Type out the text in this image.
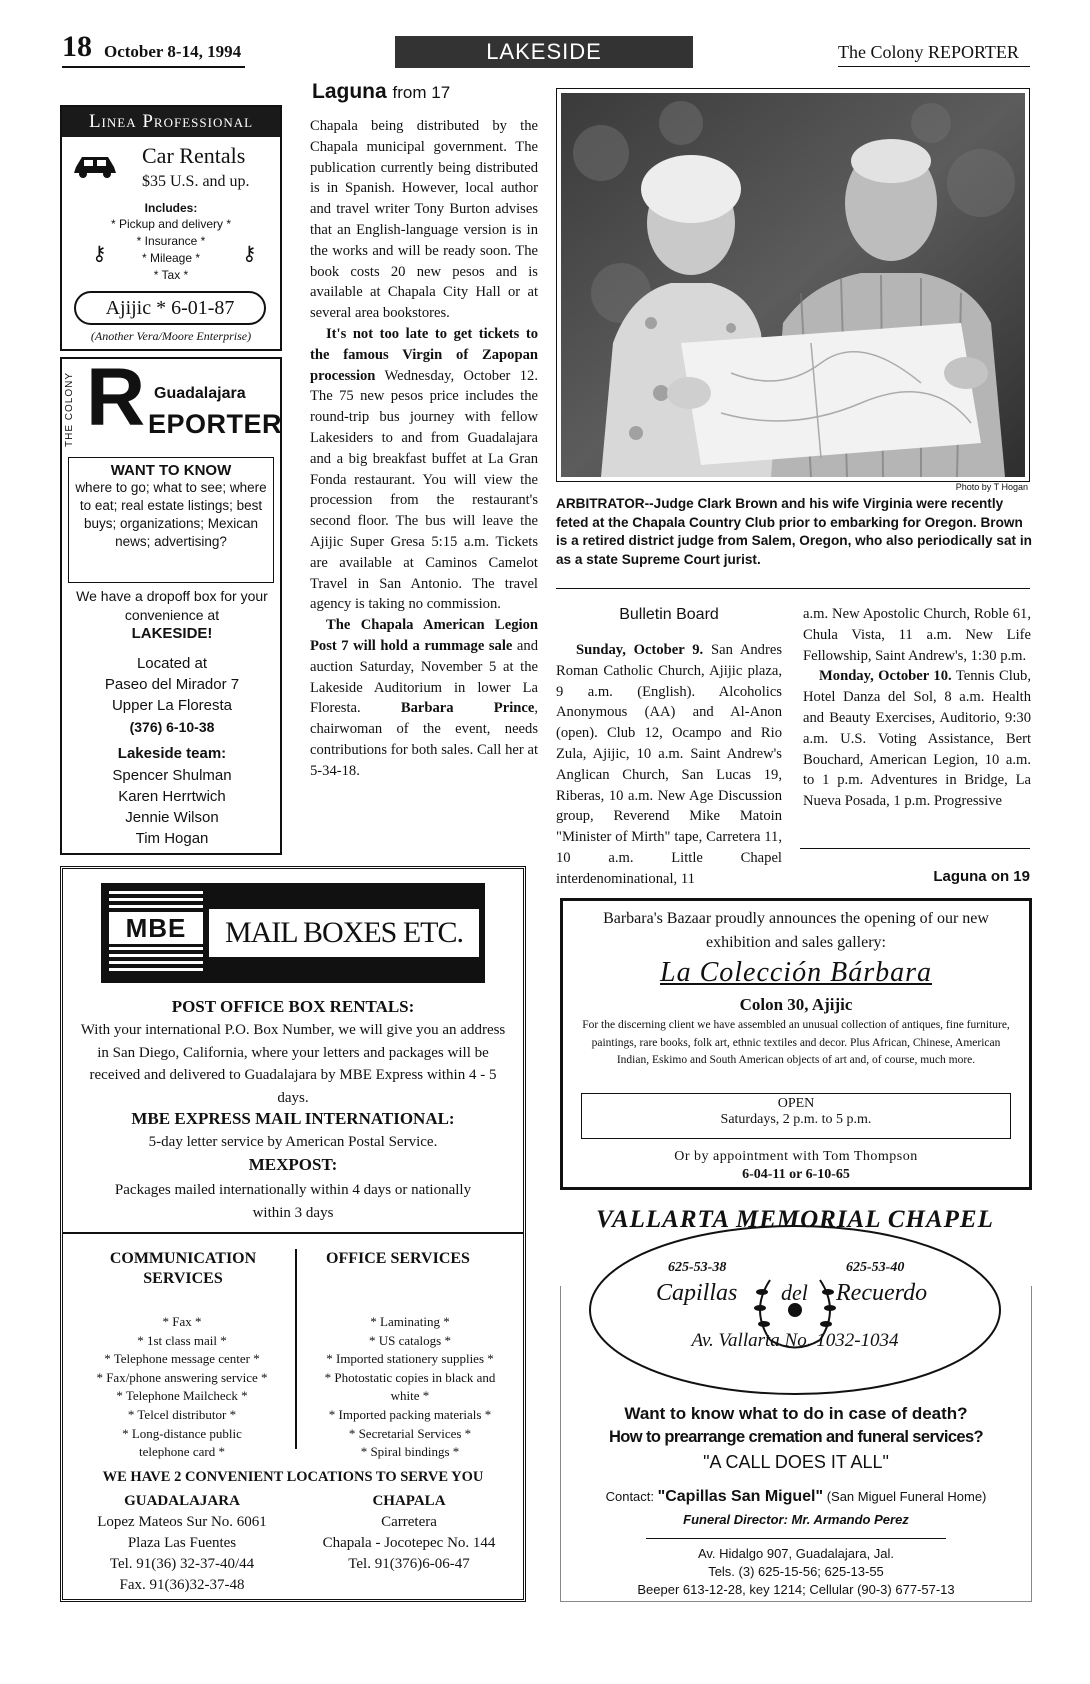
18 October 8-14, 1994	LAKESIDE	The Colony REPORTER
Linea Professional
Car Rentals
$35 U.S. and up.
Includes:
* Pickup and delivery *
* Insurance *
* Mileage *
* Tax *
⚷	⚷
Ajijic * 6-01-87
(Another Vera/Moore Enterprise)
THE COLONY R Guadalajara
EPORTER
WANT TO KNOW
where to go; what to see; where to eat; real estate listings; best buys; organizations; Mexican news; advertising?
We have a dropoff box for your convenience at
LAKESIDE!
Located at
Paseo del Mirador 7
Upper La Floresta
(376) 6-10-38
Lakeside team:
Spencer Shulman
Karen Herrtwich
Jennie Wilson
Tim Hogan
Laguna from 17

Chapala being distributed by the Chapala municipal government. The publication currently being distributed is in Spanish. However, local author and travel writer Tony Burton advises that an English-language version is in the works and will be ready soon. The book costs 20 new pesos and is available at Chapala City Hall or at several area bookstores.

It's not too late to get tickets to the famous Virgin of Zapopan procession Wednesday, October 12. The 75 new pesos price includes the round-trip bus journey with fellow Lakesiders to and from Guadalajara and a big breakfast buffet at La Gran Fonda restaurant. You will view the procession from the restaurant's second floor. The bus will leave the Ajijic Super Gresa 5:15 a.m. Tickets are available at Caminos Camelot Travel in San Antonio. The travel agency is taking no commission.

The Chapala American Legion Post 7 will hold a rummage sale and auction Saturday, November 5 at the Lakeside Auditorium in lower La Floresta.	Barbara Prince, chairwoman of the event, needs contributions for both sales. Call her at 5-34-18.

Photo by T Hogan
ARBITRATOR--Judge Clark Brown and his wife Virginia were recently feted at the Chapala Country Club prior to embarking for Oregon. Brown is a retired district judge from Salem, Oregon, who also periodically sat in as a state Supreme Court jurist.
Bulletin Board
Sunday, October 9. San Andres Roman Catholic Church, Ajijic plaza, 9 a.m. (English). Alcoholics Anonymous (AA) and Al-Anon (open). Club 12, Ocampo and Rio Zula, Ajijic, 10 a.m. Saint Andrew's Anglican Church, San Lucas 19, Riberas, 10 a.m. New Age Discussion group, Reverend Mike Matoin "Minister of Mirth" tape, Carretera 11, 10 a.m. Little Chapel interdenominational, 11

a.m. New Apostolic Church, Roble 61, Chula Vista, 11 a.m. New Life Fellowship, Saint Andrew's, 1:30 p.m.

Monday, October 10. Tennis Club, Hotel Danza del Sol, 8 a.m. Health and Beauty Exercises, Auditorio, 9:30 a.m. U.S. Voting Assistance, Bert Bouchard, American Legion, 10 a.m. to 1 p.m. Adventures in Bridge, La Nueva Posada, 1 p.m. Progressive

Laguna on 19
MBE	MAIL BOXES ETC.
POST OFFICE BOX RENTALS:
With your international P.O. Box Number, we will give you an address in San Diego, California, where your letters and packages will be received and delivered to Guadalajara by MBE Express within 4 - 5 days.
MBE EXPRESS MAIL INTERNATIONAL:
5-day letter service by American Postal Service.
MEXPOST:
Packages mailed internationally within 4 days or nationally within 3 days
COMMUNICATION SERVICES
* Fax *
* 1st class mail *
* Telephone message center *
* Fax/phone answering service *
* Telephone Mailcheck *
* Telcel distributor *
* Long-distance public telephone card *
OFFICE SERVICES
* Laminating *
* US catalogs *
* Imported stationery supplies *
* Photostatic copies in black and white *
* Imported packing materials *
* Secretarial Services *
* Spiral bindings *
WE HAVE 2 CONVENIENT LOCATIONS TO SERVE YOU
GUADALAJARA
Lopez Mateos Sur No. 6061
Plaza Las Fuentes
Tel. 91(36) 32-37-40/44
Fax. 91(36)32-37-48
CHAPALA
Carretera
Chapala - Jocotepec No. 144
Tel. 91(376)6-06-47
Barbara's Bazaar proudly announces the opening of our new exhibition and sales gallery:
La Colección Bárbara
Colon 30, Ajijic
For the discerning client we have assembled an unusual collection of antiques, fine furniture, paintings, rare books, folk art, ethnic textiles and decor. Plus African, Chinese, American Indian, Eskimo and South American objects of art and, of course, much more.
OPEN
Saturdays, 2 p.m. to 5 p.m.
Or by appointment with Tom Thompson
6-04-11 or 6-10-65
VALLARTA MEMORIAL CHAPEL
625-53-38	625-53-40
Capillas del Recuerdo
Av. Vallarta No. 1032-1034
Want to know what to do in case of death?
How to prearrange cremation and funeral services?
"A CALL DOES IT ALL"
Contact: "Capillas San Miguel" (San Miguel Funeral Home)
Funeral Director: Mr. Armando Perez
Av. Hidalgo 907, Guadalajara, Jal.
Tels. (3) 625-15-56; 625-13-55
Beeper 613-12-28, key 1214; Cellular (90-3) 677-57-13
